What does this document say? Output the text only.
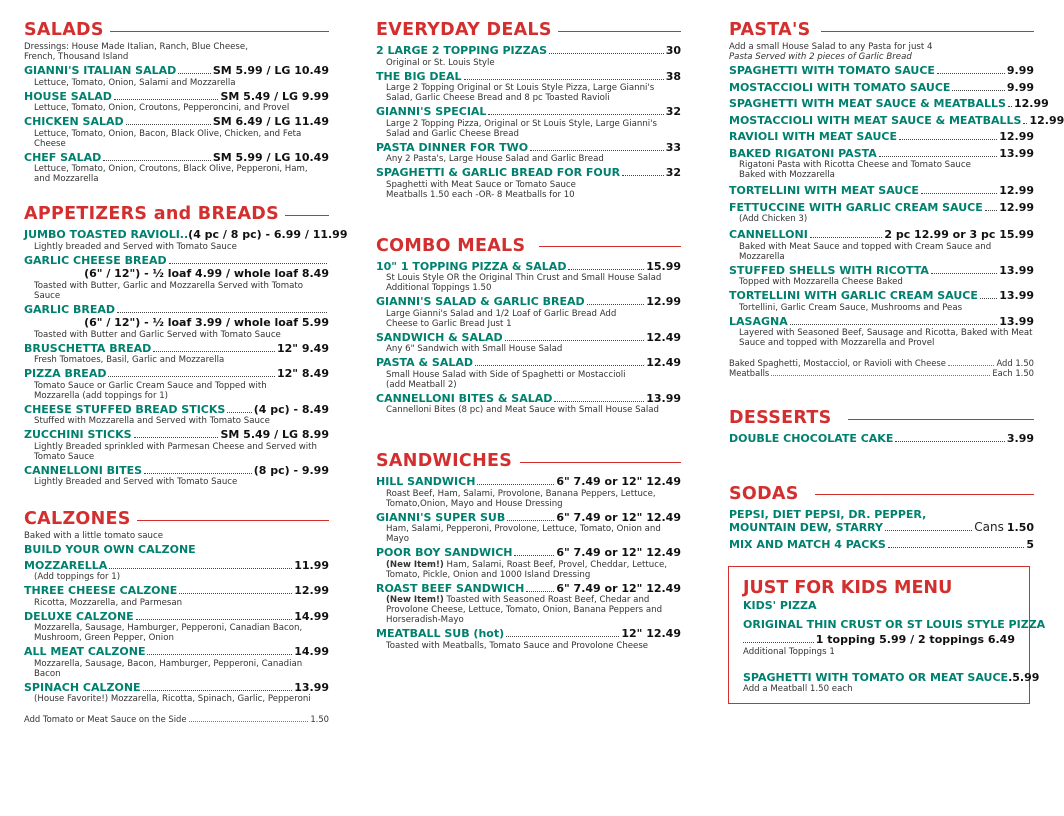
SALADS
Dressings: House Made Italian, Ranch, Blue Cheese, French, Thousand Island
GIANNI'S ITALIAN SALAD	SM 5.99 / LG 10.49
Lettuce, Tomato, Onion, Salami and Mozzarella
HOUSE SALAD	SM 5.49 / LG 9.99
Lettuce, Tomato, Onion, Croutons, Pepperoncini, and Provel
CHICKEN SALAD	SM 6.49 / LG 11.49
Lettuce, Tomato, Onion, Bacon, Black Olive, Chicken, and Feta Cheese
CHEF SALAD	SM 5.99 / LG 10.49
Lettuce, Tomato, Onion, Croutons, Black Olive, Pepperoni, Ham, and Mozzarella
APPETIZERS and BREADS
JUMBO TOASTED RAVIOLI.. (4 pc / 8 pc) - 6.99 / 11.99
Lightly breaded and Served with Tomato Sauce
GARLIC CHEESE BREAD
(6" / 12") - ½ loaf 4.99 / whole loaf 8.49
Toasted with Butter, Garlic and Mozzarella Served with Tomato Sauce
GARLIC BREAD
(6" / 12") - ½ loaf 3.99 / whole loaf 5.99
Toasted with Butter and Garlic Served with Tomato Sauce
BRUSCHETTA BREAD	12" 9.49
Fresh Tomatoes, Basil, Garlic and Mozzarella
PIZZA BREAD	12" 8.49
Tomato Sauce or Garlic Cream Sauce and Topped with Mozzarella (add toppings for 1)
CHEESE STUFFED BREAD STICKS	(4 pc) - 8.49
Stuffed with Mozzarella and Served with Tomato Sauce
ZUCCHINI STICKS	SM 5.49 / LG 8.99
Lightly Breaded sprinkled with Parmesan Cheese and Served with Tomato Sauce
CANNELLONI BITES	(8 pc) - 9.99
Lightly Breaded and Served with Tomato Sauce
CALZONES
Baked with a little tomato sauce
BUILD YOUR OWN CALZONE
MOZZARELLA	11.99
(Add toppings for 1)
THREE CHEESE CALZONE	12.99
Ricotta, Mozzarella, and Parmesan
DELUXE CALZONE	14.99
Mozzarella, Sausage, Hamburger, Pepperoni, Canadian Bacon, Mushroom, Green Pepper, Onion
ALL MEAT CALZONE	14.99
Mozzarella, Sausage, Bacon, Hamburger, Pepperoni, Canadian Bacon
SPINACH CALZONE	13.99
(House Favorite!) Mozzarella, Ricotta, Spinach, Garlic, Pepperoni
Add Tomato or Meat Sauce on the Side	1.50
EVERYDAY DEALS
2 LARGE 2 TOPPING PIZZAS	30
Original or St. Louis Style
THE BIG DEAL	38
Large 2 Topping Original or St Louis Style Pizza, Large Gianni's Salad, Garlic Cheese Bread and 8 pc Toasted Ravioli
GIANNI'S SPECIAL	32
Large 2 Topping Pizza, Original or St Louis Style, Large Gianni's Salad and Garlic Cheese Bread
PASTA DINNER FOR TWO	33
Any 2 Pasta's, Large House Salad and Garlic Bread
SPAGHETTI & GARLIC BREAD FOR FOUR	32
Spaghetti with Meat Sauce or Tomato Sauce Meatballs 1.50 each -OR- 8 Meatballs for 10
COMBO MEALS
10" 1 TOPPING PIZZA & SALAD	15.99
St Louis Style OR the Original Thin Crust and Small House Salad Additional Toppings 1.50
GIANNI'S SALAD & GARLIC BREAD	12.99
Large Gianni's Salad and 1/2 Loaf of Garlic Bread Add Cheese to Garlic Bread Just 1
SANDWICH & SALAD	12.49
Any 6" Sandwich with Small House Salad
PASTA & SALAD	12.49
Small House Salad with Side of Spaghetti or Mostaccioli (add Meatball 2)
CANNELLONI BITES & SALAD	13.99
Cannelloni Bites (8 pc) and Meat Sauce with Small House Salad
SANDWICHES
HILL SANDWICH	6" 7.49 or 12" 12.49
Roast Beef, Ham, Salami, Provolone, Banana Peppers, Lettuce, Tomato,Onion, Mayo and House Dressing
GIANNI'S SUPER SUB	6" 7.49 or 12" 12.49
Ham, Salami, Pepperoni, Provolone, Lettuce, Tomato, Onion and Mayo
POOR BOY SANDWICH	6" 7.49 or 12" 12.49
(New Item!) Ham, Salami, Roast Beef, Provel, Cheddar, Lettuce, Tomato, Pickle, Onion and 1000 Island Dressing
ROAST BEEF SANDWICH	6" 7.49 or 12" 12.49
(New Item!) Toasted with Seasoned Roast Beef, Chedar and Provolone Cheese, Lettuce, Tomato, Onion, Banana Peppers and Horseradish-Mayo
MEATBALL SUB (hot)	12" 12.49
Toasted with Meatballs, Tomato Sauce and Provolone Cheese
PASTA'S
Add a small House Salad to any Pasta for just 4
Pasta Served with 2 pieces of Garlic Bread
SPAGHETTI WITH TOMATO SAUCE	9.99
MOSTACCIOLI WITH TOMATO SAUCE	9.99
SPAGHETTI WITH MEAT SAUCE & MEATBALLS 12.99
MOSTACCIOLI WITH MEAT SAUCE & MEATBALLS 12.99
RAVIOLI WITH MEAT SAUCE	12.99
BAKED RIGATONI PASTA	13.99
Rigatoni Pasta with Ricotta Cheese and Tomato Sauce Baked with Mozzarella
TORTELLINI WITH MEAT SAUCE	12.99
FETTUCCINE WITH GARLIC CREAM SAUCE 12.99
(Add Chicken 3)
CANNELLONI	2 pc 12.99 or 3 pc 15.99
Baked with Meat Sauce and topped with Cream Sauce and Mozzarella
STUFFED SHELLS WITH RICOTTA	13.99
Topped with Mozzarella Cheese Baked
TORTELLINI WITH GARLIC CREAM SAUCE 13.99
Tortellini, Garlic Cream Sauce, Mushrooms and Peas
LASAGNA	13.99
Layered with Seasoned Beef, Sausage and Ricotta, Baked with Meat Sauce and topped with Mozzarella and Provel
Baked Spaghetti, Mostacciol, or Ravioli with Cheese	Add 1.50
Meatballs	Each 1.50
DESSERTS
DOUBLE CHOCOLATE CAKE	3.99
SODAS
PEPSI, DIET PEPSI, DR. PEPPER,
MOUNTAIN DEW, STARRY	Cans 1.50
MIX AND MATCH 4 PACKS	5
JUST FOR KIDS MENU
KIDS' PIZZA
ORIGINAL THIN CRUST OR ST LOUIS STYLE PIZZA
1 topping 5.99 / 2 toppings 6.49
Additional Toppings 1
SPAGHETTI WITH TOMATO OR MEAT SAUCE .5.99
Add a Meatball 1.50 each
